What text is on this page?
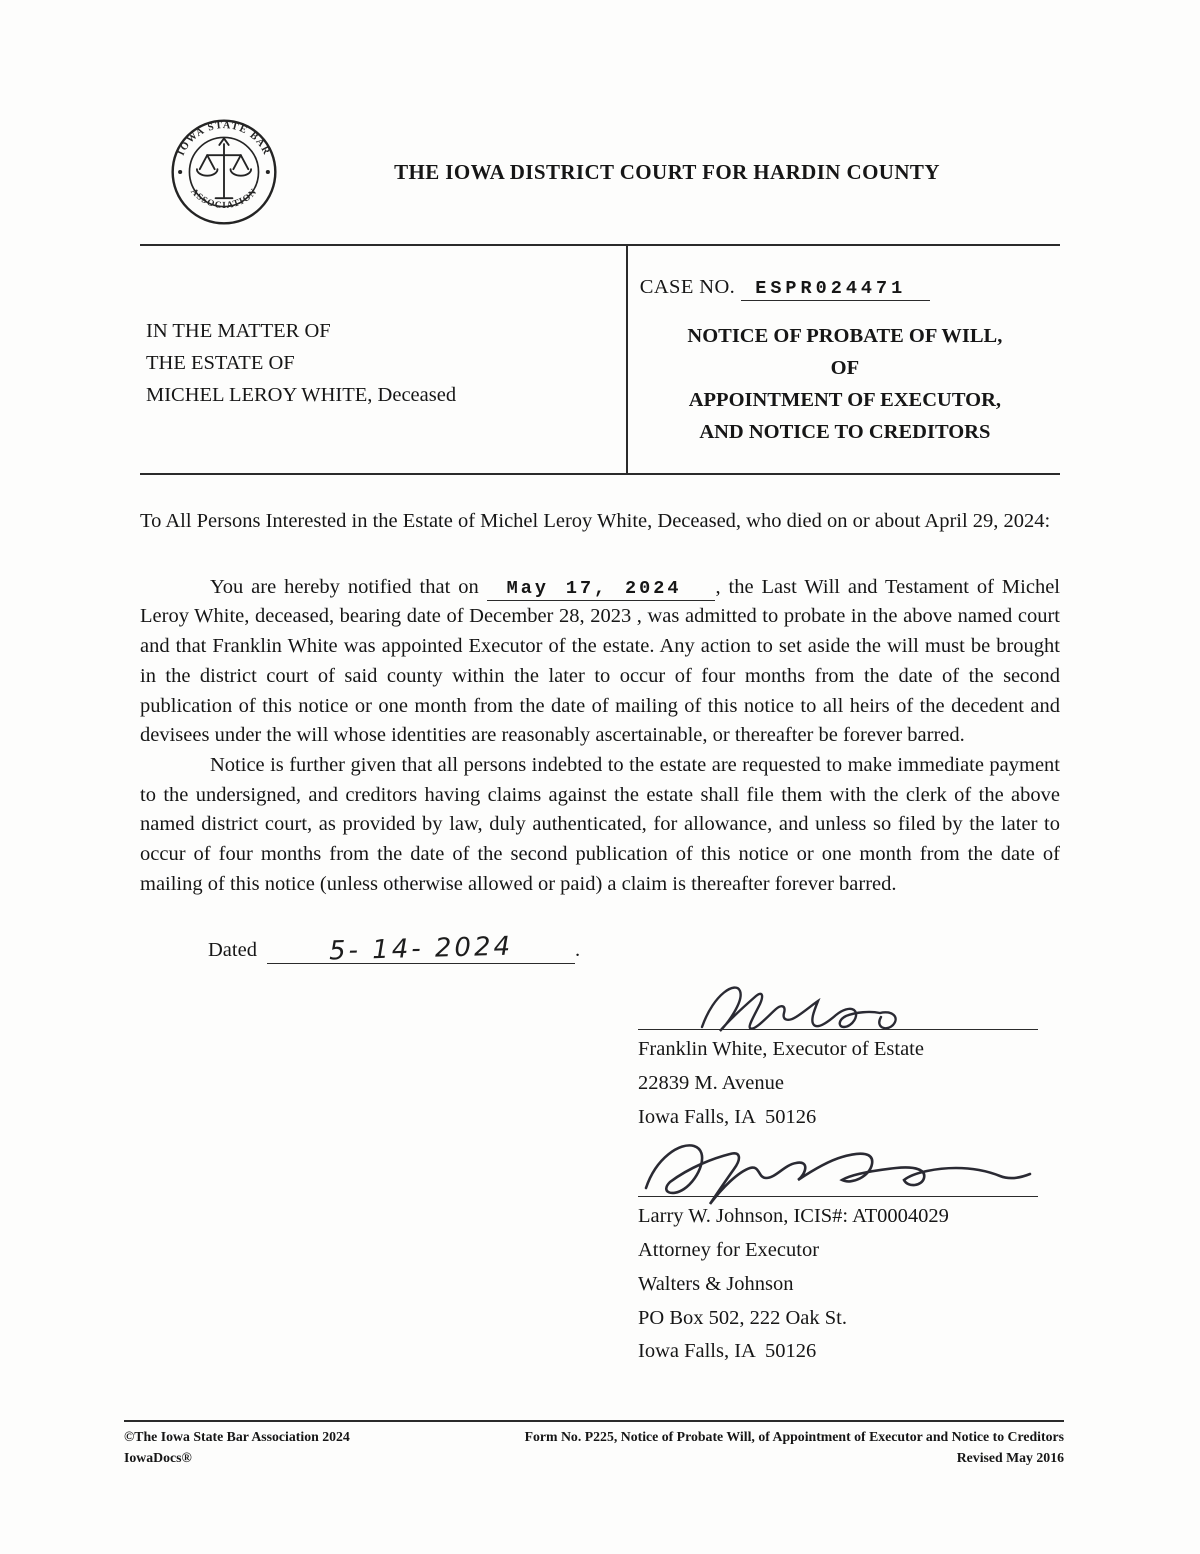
IOWA STATE BAR
ASSOCIATION
THE IOWA DISTRICT COURT FOR HARDIN COUNTY
IN THE MATTER OF
THE ESTATE OF
MICHEL LEROY WHITE, Deceased
CASE NO. ESPR024471
NOTICE OF PROBATE OF WILL,
OF
APPOINTMENT OF EXECUTOR,
AND NOTICE TO CREDITORS

To All Persons Interested in the Estate of Michel Leroy White, Deceased, who died on or about April 29, 2024:

You are hereby notified that on May 17, 2024 , the Last Will and Testament of Michel Leroy White, deceased, bearing date of December 28, 2023 , was admitted to probate in the above named court and that Franklin White was appointed Executor of the estate. Any action to set aside the will must be brought in the district court of said county within the later to occur of four months from the date of the second publication of this notice or one month from the date of mailing of this notice to all heirs of the decedent and devisees under the will whose identities are reasonably ascertainable, or thereafter be forever barred.

Notice is further given that all persons indebted to the estate are requested to make immediate payment to the undersigned, and creditors having claims against the estate shall file them with the clerk of the above named district court, as provided by law, duly authenticated, for allowance, and unless so filed by the later to occur of four months from the date of the second publication of this notice or one month from the date of mailing of this notice (unless otherwise allowed or paid) a claim is thereafter forever barred.

Dated	5- 14- 2024	.
Franklin White, Executor of Estate
22839 M. Avenue
Iowa Falls, IA  50126
Larry W. Johnson, ICIS#: AT0004029
Attorney for Executor
Walters & Johnson
PO Box 502, 222 Oak St.
Iowa Falls, IA  50126
©The Iowa State Bar Association 2024
IowaDocs®
Form No. P225, Notice of Probate Will, of Appointment of Executor and Notice to Creditors
Revised May 2016
